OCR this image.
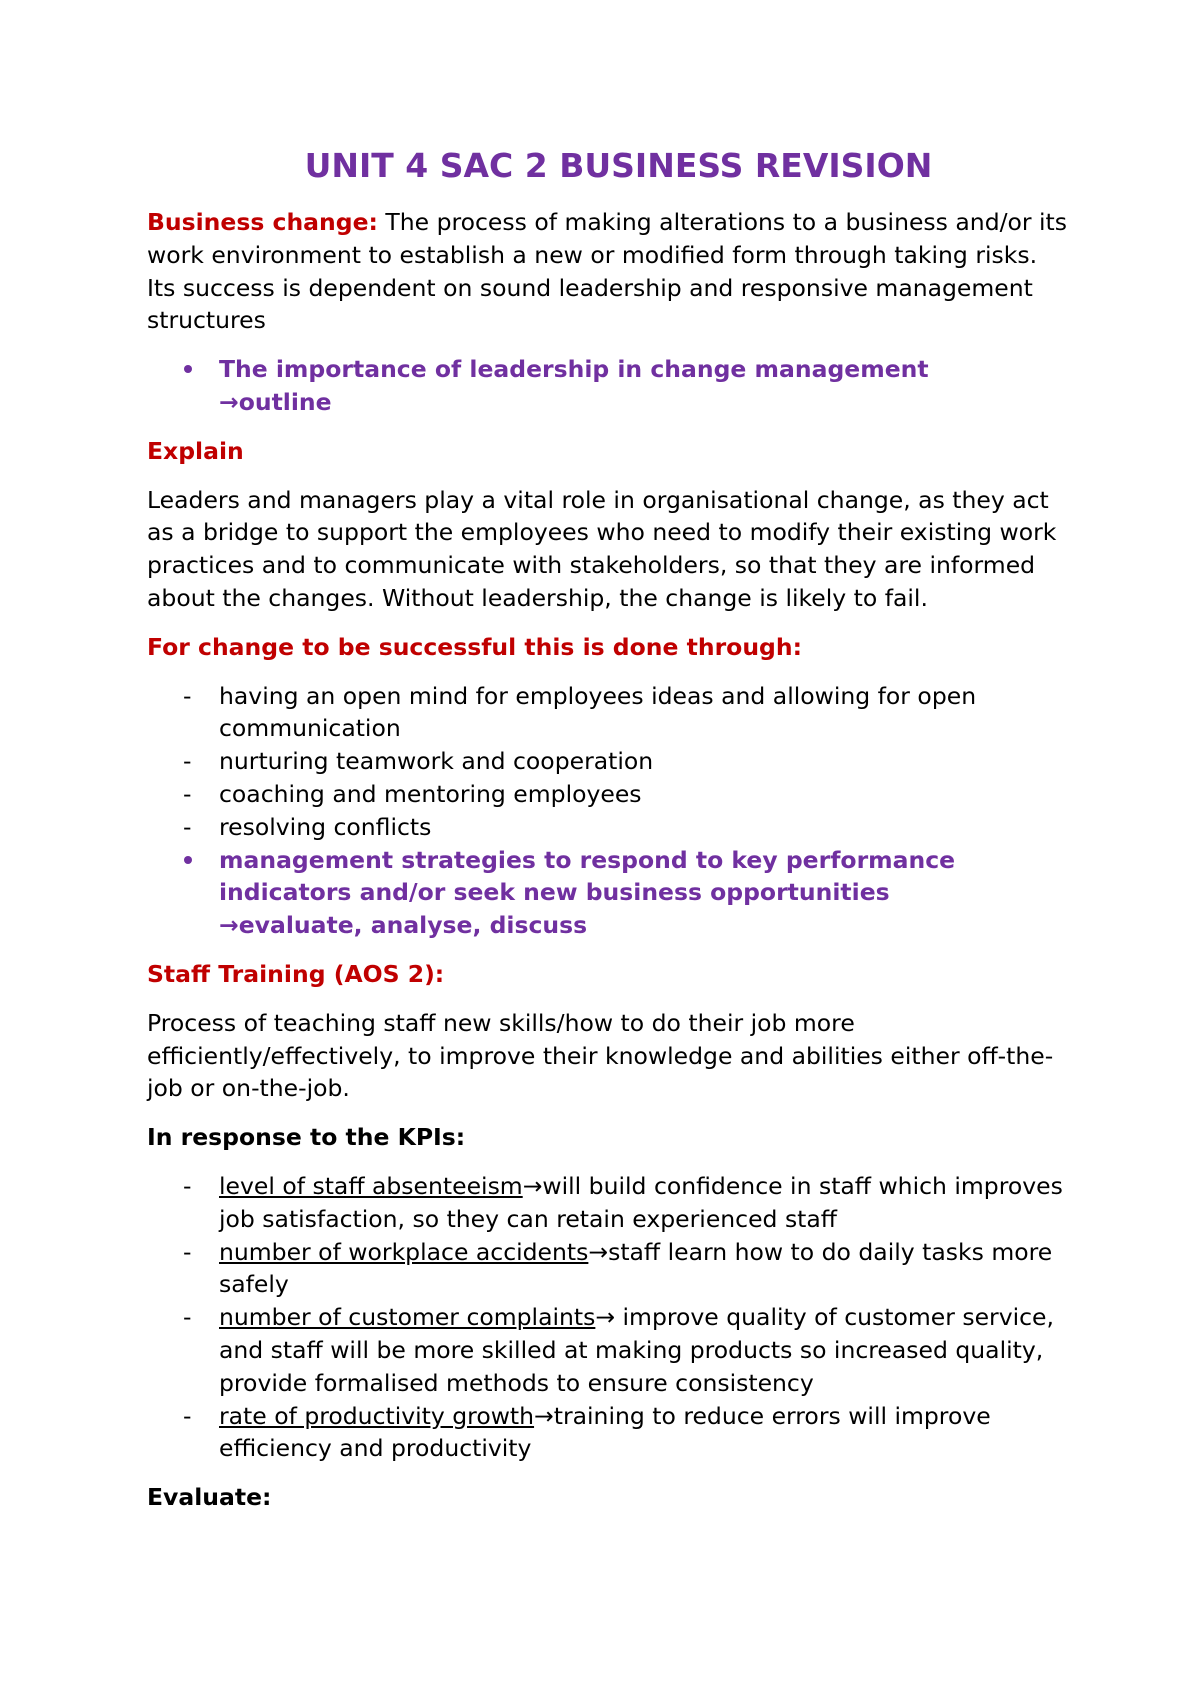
UNIT 4 SAC 2 BUSINESS REVISION

Business change: The process of making alterations to a business and/or its work environment to establish a new or modified form through taking risks. Its success is dependent on sound leadership and responsive management structures

The importance of leadership in change management
→outline

Explain

Leaders and managers play a vital role in organisational change, as they act as a bridge to support the employees who need to modify their existing work practices and to communicate with stakeholders, so that they are informed about the changes. Without leadership, the change is likely to fail.

For change to be successful this is done through:

-	having an open mind for employees ideas and allowing for open communication
-	nurturing teamwork and cooperation
-	coaching and mentoring employees
-	resolving conflicts
management strategies to respond to key performance indicators and/or seek new business opportunities
→evaluate, analyse, discuss

Staff Training (AOS 2):

Process of teaching staff new skills/how to do their job more efficiently/effectively, to improve their knowledge and abilities either off-the-job or on-the-job.

In response to the KPIs:

-	level of staff absenteeism→will build confidence in staff which improves job satisfaction, so they can retain experienced staff
-	number of workplace accidents→staff learn how to do daily tasks more safely
-	number of customer complaints→ improve quality of customer service, and staff will be more skilled at making products so increased quality, provide formalised methods to ensure consistency
-	rate of productivity growth→training to reduce errors will improve efficiency and productivity

Evaluate:
